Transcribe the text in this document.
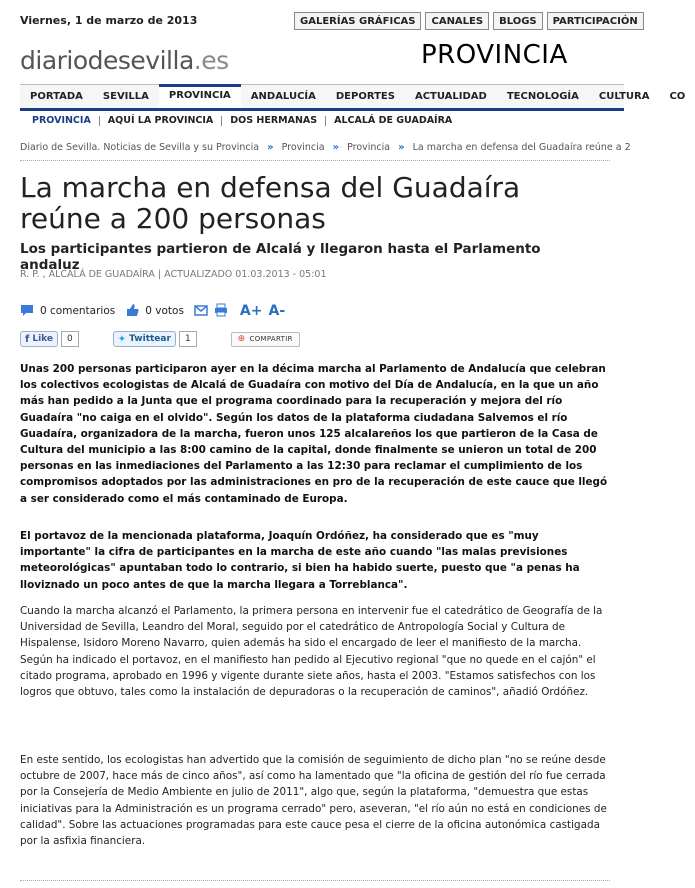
Viernes, 1 de marzo de 2013	GALERÍAS GRÁFICAS	CANALES	BLOGS	PARTICIPACIÓN
diariodesevilla.es	PROVINCIA
PORTADA	SEVILLA	PROVINCIA	ANDALUCÍA	DEPORTES	ACTUALIDAD	TECNOLOGÍA	CULTURA	CO
PROVINCIA	AQUÍ LA PROVINCIA	DOS HERMANAS	ALCALÁ DE GUADAÍRA
Diario de Sevilla. Noticias de Sevilla y su Provincia » Provincia » Provincia » La marcha en defensa del Guadaíra reúne a 2
La marcha en defensa del Guadaíra reúne a 200 personas
Los participantes partieron de Alcalá y llegaron hasta el Parlamento andaluz
R. P. , ALCALÁ DE GUADAÍRA | ACTUALIZADO 01.03.2013 - 05:01
0 comentarios	0 votos	A+ A-
f Like	0	✦ Twittear	1	⊕ COMPARTIR

Unas 200 personas participaron ayer en la décima marcha al Parlamento de Andalucía que celebran los colectivos ecologistas de Alcalá de Guadaíra con motivo del Día de Andalucía, en la que un año más han pedido a la Junta que el programa coordinado para la recuperación y mejora del río Guadaíra "no caiga en el olvido". Según los datos de la plataforma ciudadana Salvemos el río Guadaíra, organizadora de la marcha, fueron unos 125 alcalareños los que partieron de la Casa de Cultura del municipio a las 8:00 camino de la capital, donde finalmente se unieron un total de 200 personas en las inmediaciones del Parlamento a las 12:30 para reclamar el cumplimiento de los compromisos adoptados por las administraciones en pro de la recuperación de este cauce que llegó a ser considerado como el más contaminado de Europa.

El portavoz de la mencionada plataforma, Joaquín Ordóñez, ha considerado que es "muy importante" la cifra de participantes en la marcha de este año cuando "las malas previsiones meteorológicas" apuntaban todo lo contrario, si bien ha habido suerte, puesto que "a penas ha lloviznado un poco antes de que la marcha llegara a Torreblanca".

Cuando la marcha alcanzó el Parlamento, la primera persona en intervenir fue el catedrático de Geografía de la Universidad de Sevilla, Leandro del Moral, seguido por el catedrático de Antropología Social y Cultura de Hispalense, Isidoro Moreno Navarro, quien además ha sido el encargado de leer el manifiesto de la marcha. Según ha indicado el portavoz, en el manifiesto han pedido al Ejecutivo regional "que no quede en el cajón" el citado programa, aprobado en 1996 y vigente durante siete años, hasta el 2003. "Estamos satisfechos con los logros que obtuvo, tales como la instalación de depuradoras o la recuperación de caminos", añadió Ordóñez.

En este sentido, los ecologistas han advertido que la comisión de seguimiento de dicho plan "no se reúne desde octubre de 2007, hace más de cinco años", así como ha lamentado que "la oficina de gestión del río fue cerrada por la Consejería de Medio Ambiente en julio de 2011", algo que, según la plataforma, "demuestra que estas iniciativas para la Administración es un programa cerrado" pero, aseveran, "el río aún no está en condiciones de calidad". Sobre las actuaciones programadas para este cauce pesa el cierre de la oficina autonómica castigada por la asfixia financiera.
